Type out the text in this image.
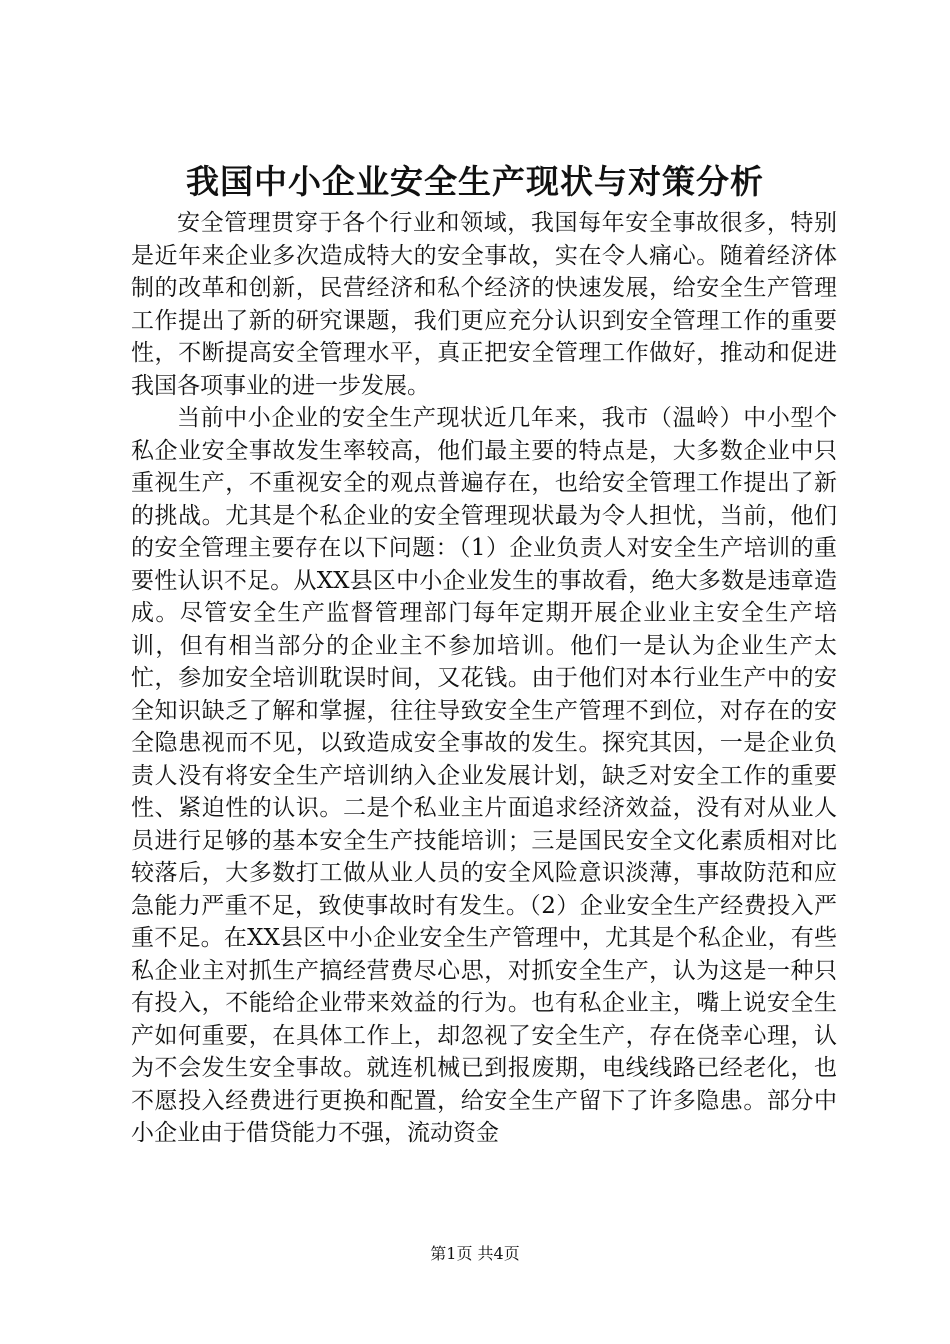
我国中小企业安全生产现状与对策分析

安全管理贯穿于各个行业和领域，我国每年安全事故很多，特别是近年来企业多次造成特大的安全事故，实在令人痛心。随着经济体制的改革和创新，民营经济和私个经济的快速发展，给安全生产管理工作提出了新的研究课题，我们更应充分认识到安全管理工作的重要性，不断提高安全管理水平，真正把安全管理工作做好，推动和促进我国各项事业的进一步发展。

当前中小企业的安全生产现状近几年来，我市（温岭）中小型个私企业安全事故发生率较高，他们最主要的特点是，大多数企业中只重视生产，不重视安全的观点普遍存在，也给安全管理工作提出了新的挑战。尤其是个私企业的安全管理现状最为令人担忧，当前，他们的安全管理主要存在以下问题：（1）企业负责人对安全生产培训的重要性认识不足。从XX县区中小企业发生的事故看，绝大多数是违章造成。尽管安全生产监督管理部门每年定期开展企业业主安全生产培训，但有相当部分的企业主不参加培训。他们一是认为企业生产太忙，参加安全培训耽误时间，又花钱。由于他们对本行业生产中的安全知识缺乏了解和掌握，往往导致安全生产管理不到位，对存在的安全隐患视而不见，以致造成安全事故的发生。探究其因，一是企业负责人没有将安全生产培训纳入企业发展计划，缺乏对安全工作的重要性、紧迫性的认识。二是个私业主片面追求经济效益，没有对从业人员进行足够的基本安全生产技能培训；三是国民安全文化素质相对比较落后，大多数打工做从业人员的安全风险意识淡薄，事故防范和应急能力严重不足，致使事故时有发生。（2）企业安全生产经费投入严重不足。在XX县区中小企业安全生产管理中，尤其是个私企业，有些私企业主对抓生产搞经营费尽心思，对抓安全生产，认为这是一种只有投入，不能给企业带来效益的行为。也有私企业主，嘴上说安全生产如何重要，在具体工作上，却忽视了安全生产，存在侥幸心理，认为不会发生安全事故。就连机械已到报废期，电线线路已经老化，也不愿投入经费进行更换和配置，给安全生产留下了许多隐患。部分中小企业由于借贷能力不强，流动资金

第1页 共4页
